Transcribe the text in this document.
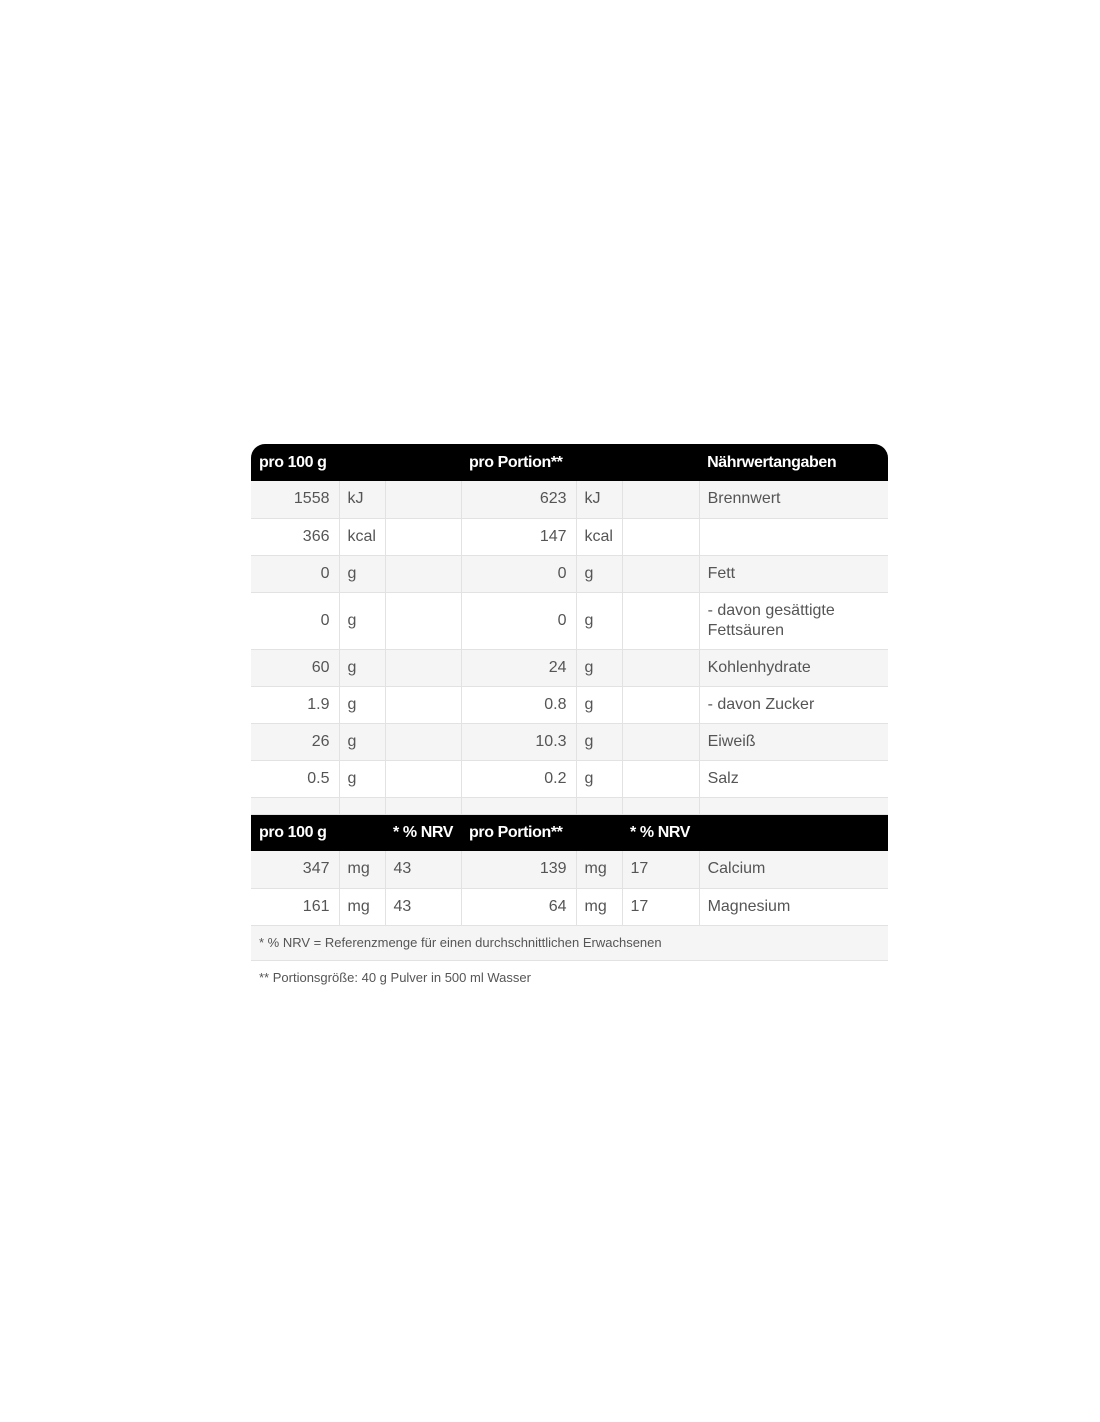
pro 100 g			pro Portion**			Nährwertangaben
1558	kJ		623	kJ		Brennwert
366	kcal		147	kcal		
0	g		0	g		Fett
0	g		0	g		- davon gesättigte Fettsäuren
60	g		24	g		Kohlenhydrate
1.9	g		0.8	g		- davon Zucker
26	g		10.3	g		Eiweiß
0.5	g		0.2	g		Salz

pro 100 g		* % NRV	pro Portion**		* % NRV	
347	mg	43	139	mg	17	Calcium
161	mg	43	64	mg	17	Magnesium
* % NRV = Referenzmenge für einen durchschnittlichen Erwachsenen						
** Portionsgröße: 40 g Pulver in 500 ml Wasser						
